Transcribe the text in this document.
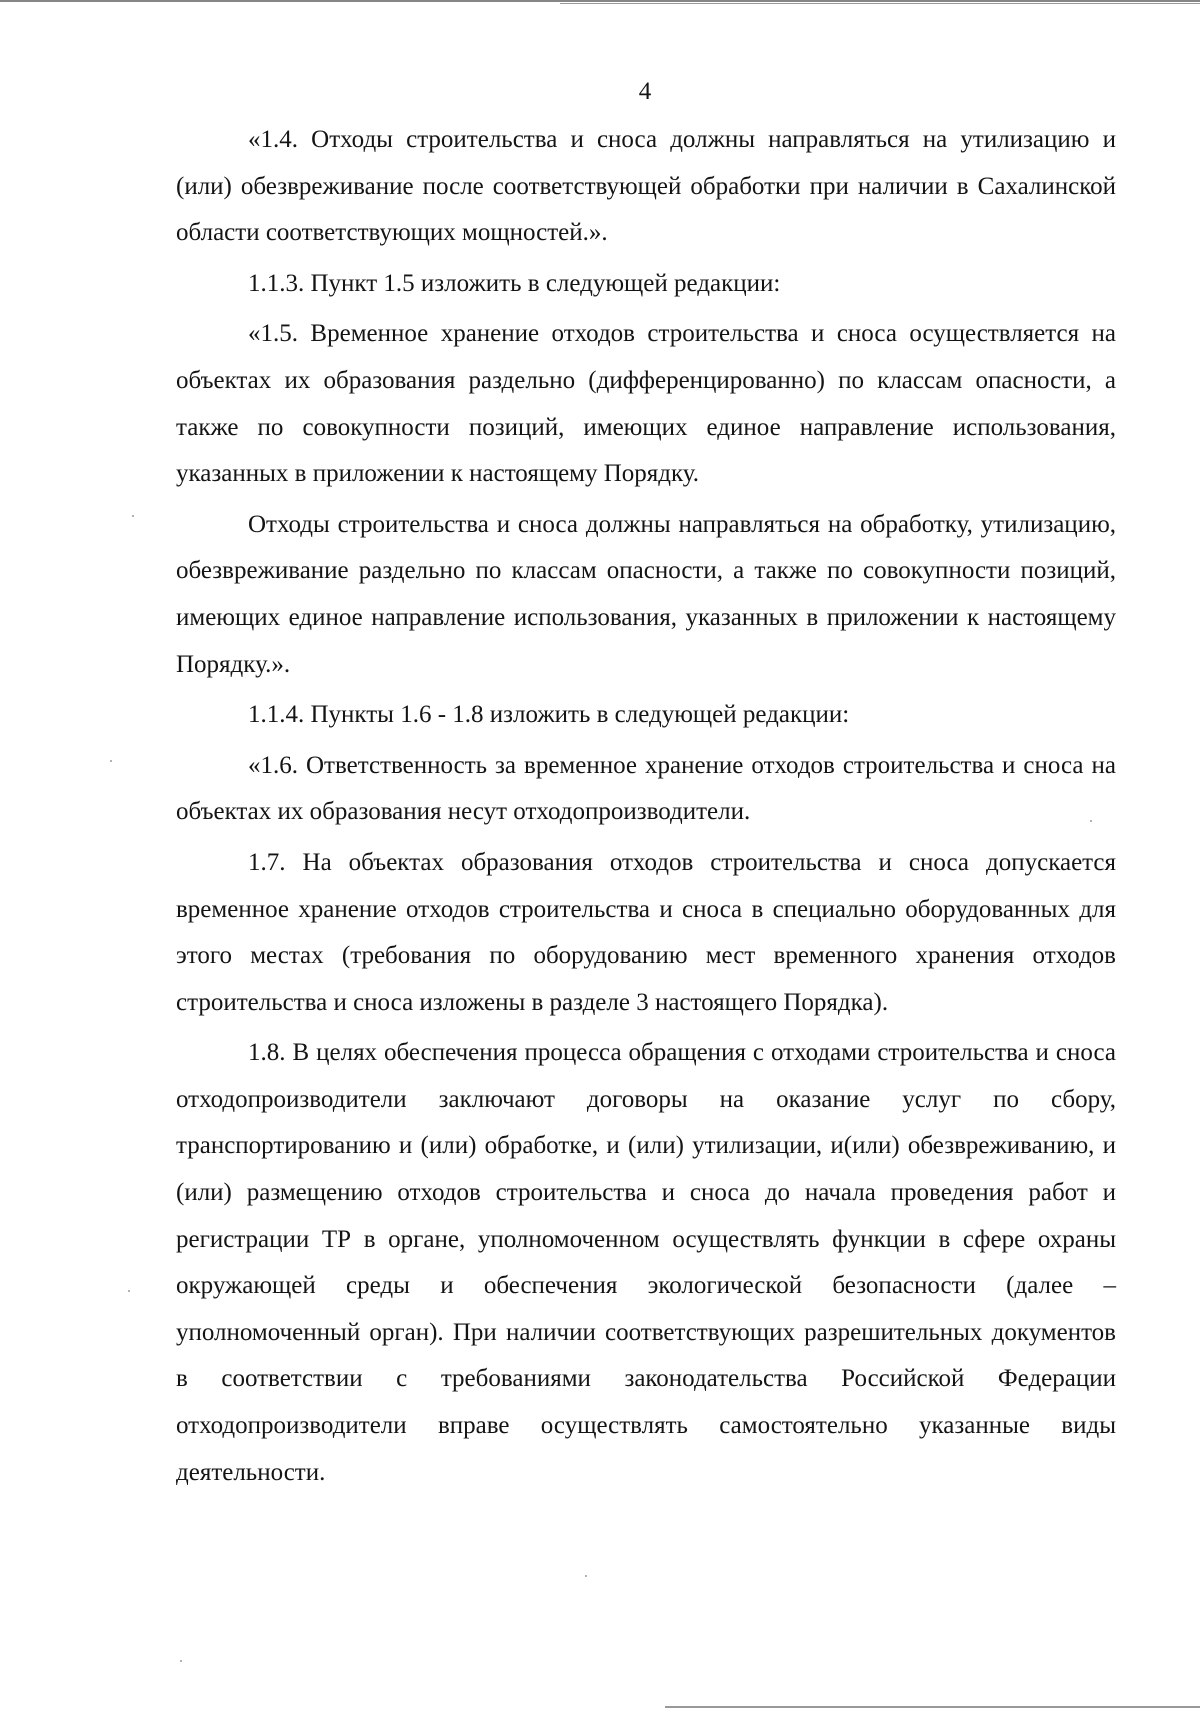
4

«1.4. Отходы строительства и сноса должны направляться на утилизацию и (или) обезвреживание после соответствующей обработки при наличии в Сахалинской области соответствующих мощностей.».

1.1.3. Пункт 1.5 изложить в следующей редакции:

«1.5. Временное хранение отходов строительства и сноса осуществляется на объектах их образования раздельно (дифференцированно) по классам опасности, а также по совокупности позиций, имеющих единое направление использования, указанных в приложении к настоящему Порядку.

Отходы строительства и сноса должны направляться на обработку, утилизацию, обезвреживание раздельно по классам опасности, а также по совокупности позиций, имеющих единое направление использования, указанных в приложении к настоящему Порядку.».

1.1.4. Пункты 1.6 - 1.8 изложить в следующей редакции:

«1.6. Ответственность за временное хранение отходов строительства и сноса на объектах их образования несут отходопроизводители.

1.7. На объектах образования отходов строительства и сноса допускается временное хранение отходов строительства и сноса в специально оборудованных для этого местах (требования по оборудованию мест временного хранения отходов строительства и сноса изложены в разделе 3 настоящего Порядка).

1.8. В целях обеспечения процесса обращения с отходами строительства и сноса отходопроизводители заключают договоры на оказание услуг по сбору, транспортированию и (или) обработке, и (или) утилизации, и(или) обезвреживанию, и (или) размещению отходов строительства и сноса до начала проведения работ и регистрации ТР в органе, уполномоченном осуществлять функции в сфере охраны окружающей среды и обеспечения экологической безопасности (далее – уполномоченный орган). При наличии соответствующих разрешительных документов в соответствии с требованиями законодательства Российской Федерации отходопроизводители вправе осуществлять самостоятельно указанные виды деятельности.
